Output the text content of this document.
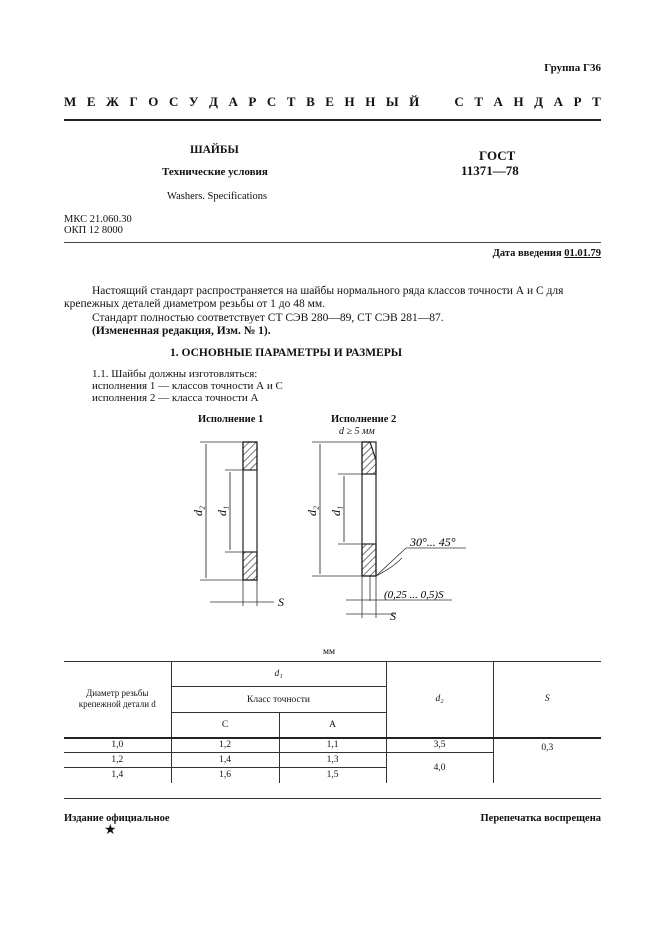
Группа Г36
М Е Ж Г О С У Д А Р С Т В Е Н Н Ы Й	С Т А Н Д А Р Т
ШАЙБЫ
Технические условия
Washers. Specifications
ГОСТ
11371—78
МКС 21.060.30
ОКП 12 8000
Дата введения 01.01.79
Настоящий стандарт распространяется на шайбы нормального ряда классов точности А и С для крепежных деталей диаметром резьбы от 1 до 48 мм.
Стандарт полностью соответствует СТ СЭВ 280—89, СТ СЭВ 281—87.
(Измененная редакция, Изм. № 1).
1. ОСНОВНЫЕ ПАРАМЕТРЫ И РАЗМЕРЫ
1.1. Шайбы должны изготовляться:
исполнения 1 — классов точности А и С
исполнения 2 — класса точности А
Исполнение 1	Исполнение 2
d ≥ 5 мм
d₂ d₁
S
d₂ d₁
30°... 45°
(0,25 ... 0,5)S
S
мм
Диаметр резьбы крепежной детали d	d₁		d₂	S
	Класс точности			
	С	А		
1,0	1,2	1,1	3,5	0,3
1,2	1,4	1,3	4,0	
1,4	1,6	1,5		
Издание официальное	Перепечатка воспрещена
★
